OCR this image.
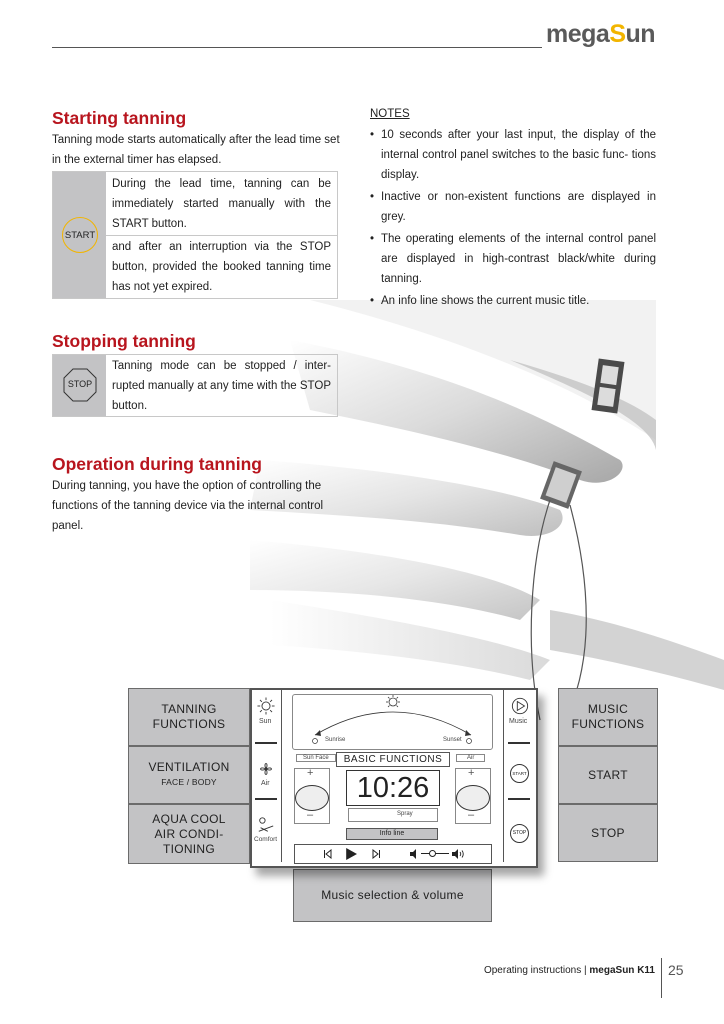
megaSun
Starting tanning
Tanning mode starts automatically after the lead time set in the external timer has elapsed.
START
During the lead time, tanning can be immediately started manually with the START button.
and after an interruption via the STOP button, provided the booked tanning time has not yet expired.
Stopping tanning
STOP
Tanning mode can be stopped / inter- rupted manually at any time with the STOP button.
Operation during tanning
During tanning, you have the option of controlling the functions of the tanning device via the internal control panel.
NOTES
• 10 seconds after your last input, the display of the internal control panel switches to the basic func- tions display.
• Inactive or non-existent functions are displayed in grey.
• The operating elements of the internal control panel are displayed in high-contrast black/white during tanning.
• An info line shows the current music title.
TANNING FUNCTIONS
VENTILATION
FACE / BODY
AQUA COOL AIR CONDI- TIONING
MUSIC FUNCTIONS
START
STOP
Music selection & volume
Sun
Air
Comfort
Sunrise	Sunset
Sun Face	BASIC FUNCTIONS	Air
+
–
10:26
Spray
+
–
Info line
Music
START
STOP
Operating instructions | megaSun K11 25
